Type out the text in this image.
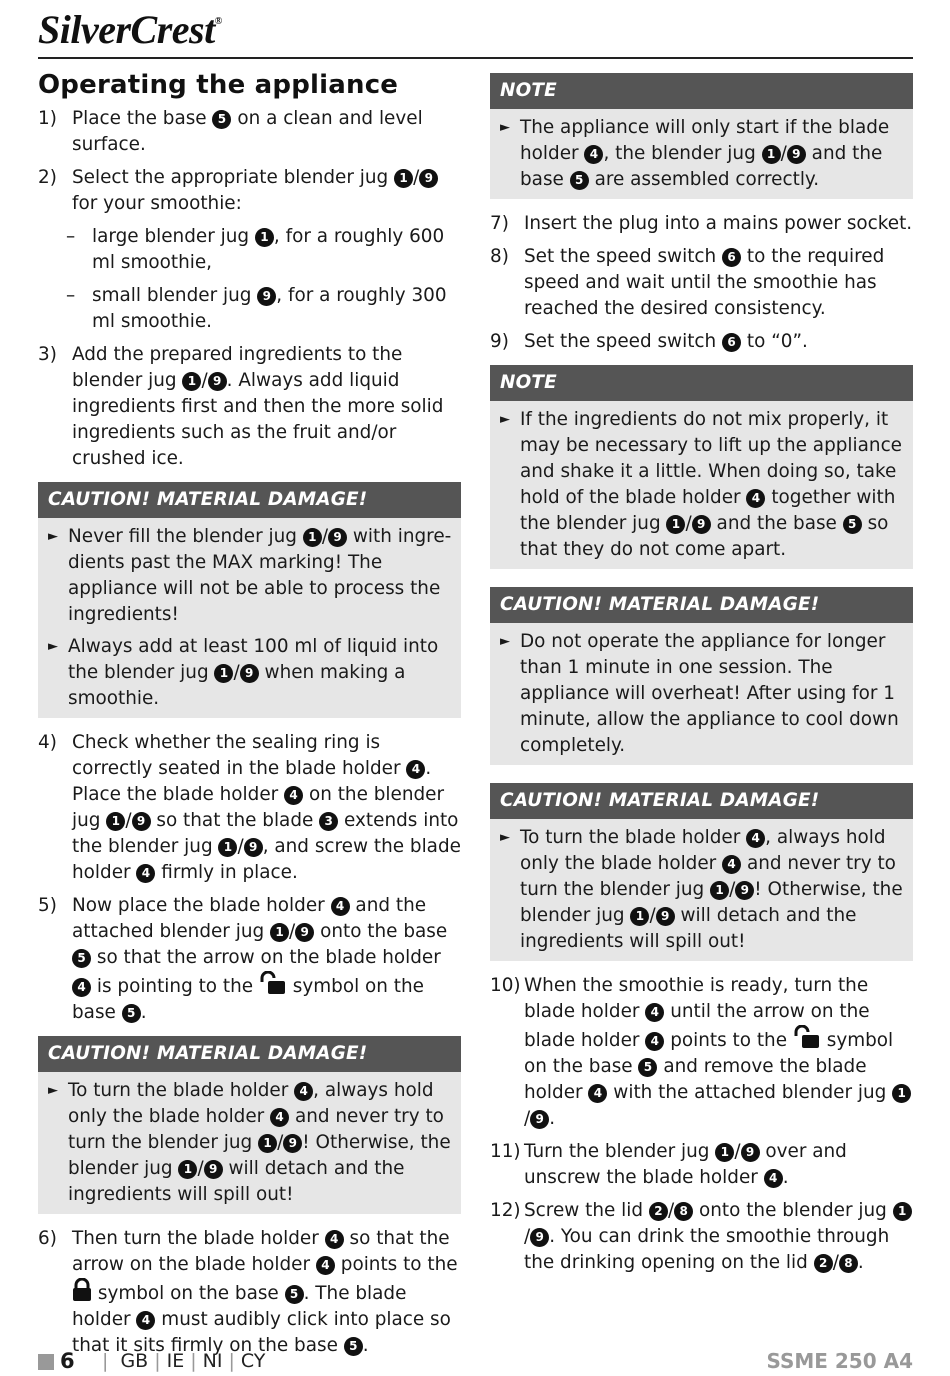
SilverCrest®
Operating the appliance
1) Place the base 5 on a clean and level surface.
2) Select the appropriate blender jug 1 / 9 for your smoothie:
– large blender jug 1 , for a roughly 600 ml smoothie,
– small blender jug 9 , for a roughly 300 ml smoothie.
3) Add the prepared ingredients to the blender jug 1 / 9 . Always add liquid ingredients first and then the more solid ingredients such as the fruit and/or crushed ice.
CAUTION! MATERIAL DAMAGE!
► Never fill the blender jug 1 / 9 with ingredients past the MAX marking! The appliance will not be able to process the ingredients!
► Always add at least 100 ml of liquid into the blender jug 1 / 9 when making a smoothie.
4) Check whether the sealing ring is correctly seated in the blade holder 4 . Place the blade holder 4 on the blender jug 1 / 9 so that the blade 3 extends into the blender jug 1 / 9 , and screw the blade holder 4 firmly in place.
5) Now place the blade holder 4 and the attached blender jug 1 / 9 onto the base 5 so that the arrow on the blade holder 4 is pointing to the symbol on the base 5 .
CAUTION! MATERIAL DAMAGE!
► To turn the blade holder 4 , always hold only the blade holder 4 and never try to turn the blender jug 1 / 9 ! Otherwise, the blender jug 1 / 9 will detach and the ingredients will spill out!
6) Then turn the blade holder 4 so that the arrow on the blade holder 4 points to the  symbol on the base 5 . The blade holder 4 must audibly click into place so that it sits firmly on the base 5 .
NOTE
► The appliance will only start if the blade holder 4 , the blender jug 1 / 9 and the base 5 are assembled correctly.
7) Insert the plug into a mains power socket.
8) Set the speed switch 6 to the required speed and wait until the smoothie has reached the desired consistency.
9) Set the speed switch 6 to “0”.
NOTE
► If the ingredients do not mix properly, it may be necessary to lift up the appliance and shake it a little. When doing so, take hold of the blade holder 4 together with the blender jug 1 / 9 and the base 5 so that they do not come apart.
CAUTION! MATERIAL DAMAGE!
► Do not operate the appliance for longer than 1 minute in one session. The appliance will overheat! After using for 1 minute, allow the appliance to cool down completely.
CAUTION! MATERIAL DAMAGE!
► To turn the blade holder 4 , always hold only the blade holder 4 and never try to turn the blender jug 1 / 9 ! Otherwise, the blender jug 1 / 9 will detach and the ingredients will spill out!
10) When the smoothie is ready, turn the blade holder 4 until the arrow on the blade holder 4 points to the symbol on the base 5 and remove the blade holder 4 with the attached blender jug 1/ 9 .
11) Turn the blender jug 1 / 9 over and unscrew the blade holder 4 .
12) Screw the lid 2 / 8 onto the blender jug 1/ 9 . You can drink the smoothie through the drinking opening on the lid 2 / 8 .
6	| GB | IE | NI | CY	SSME 250 A4
